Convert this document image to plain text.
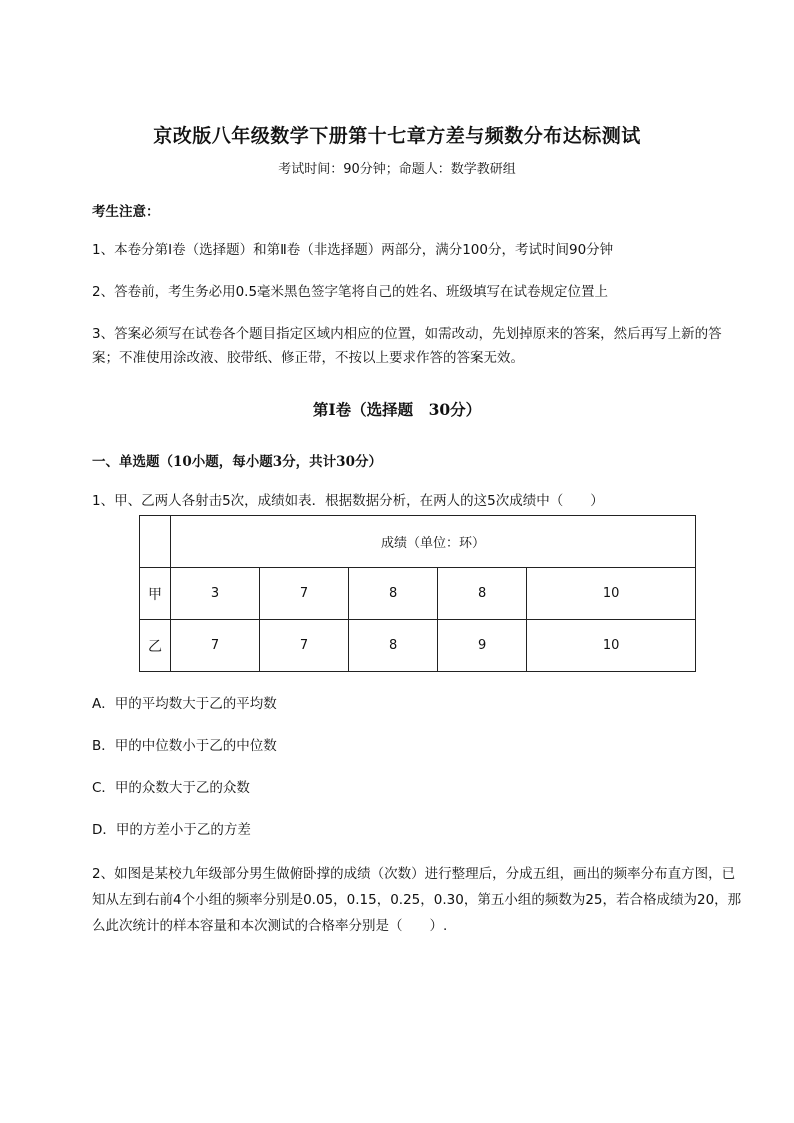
京改版八年级数学下册第十七章方差与频数分布达标测试
考试时间：90分钟；命题人：数学教研组
考生注意：
1、本卷分第I卷（选择题）和第Ⅱ卷（非选择题）两部分，满分100分，考试时间90分钟
2、答卷前，考生务必用0.5毫米黑色签字笔将自己的姓名、班级填写在试卷规定位置上
3、答案必须写在试卷各个题目指定区域内相应的位置，如需改动，先划掉原来的答案，然后再写上新的答案；不准使用涂改液、胶带纸、修正带，不按以上要求作答的答案无效。
第I卷（选择题　30分）
一、单选题（10小题，每小题3分，共计30分）
1、甲、乙两人各射击5次，成绩如表．根据数据分析，在两人的这5次成绩中（　　）
	成绩（单位：环）				
甲	3	7	8	8	10
乙	7	7	8	9	10
A．甲的平均数大于乙的平均数
B．甲的中位数小于乙的中位数
C．甲的众数大于乙的众数
D．甲的方差小于乙的方差
2、如图是某校九年级部分男生做俯卧撑的成绩（次数）进行整理后，分成五组，画出的频率分布直方图，已知从左到右前4个小组的频率分别是0.05，0.15，0.25，0.30，第五小组的频数为25，若合格成绩为20，那么此次统计的样本容量和本次测试的合格率分别是（　　）.
